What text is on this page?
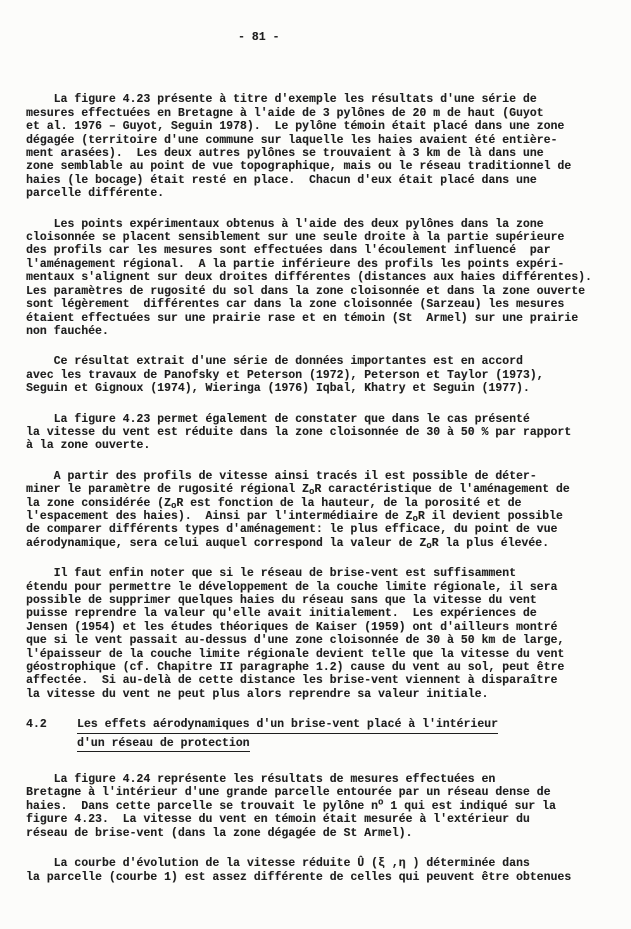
- 81 -
La figure 4.23 présente à titre d'exemple les résultats d'une série de
mesures effectuées en Bretagne à l'aide de 3 pylônes de 20 m de haut (Guyot
et al. 1976 – Guyot, Seguin 1978).  Le pylône témoin était placé dans une zone
dégagée (territoire d'une commune sur laquelle les haies avaient été entière-
ment arasées).  Les deux autres pylônes se trouvaient à 3 km de là dans une
zone semblable au point de vue topographique, mais ou le réseau traditionnel de
haies (le bocage) était resté en place.  Chacun d'eux était placé dans une
parcelle différente.
Les points expérimentaux obtenus à l'aide des deux pylônes dans la zone
cloisonnée se placent sensiblement sur une seule droite à la partie supérieure
des profils car les mesures sont effectuées dans l'écoulement influencé  par
l'aménagement régional.  A la partie inférieure des profils les points expéri-
mentaux s'alignent sur deux droites différentes (distances aux haies différentes).
Les paramètres de rugosité du sol dans la zone cloisonnée et dans la zone ouverte
sont légèrement  différentes car dans la zone cloisonnée (Sarzeau) les mesures
étaient effectuées sur une prairie rase et en témoin (St  Armel) sur une prairie
non fauchée.
Ce résultat extrait d'une série de données importantes est en accord
avec les travaux de Panofsky et Peterson (1972), Peterson et Taylor (1973),
Seguin et Gignoux (1974), Wieringa (1976) Iqbal, Khatry et Seguin (1977).
La figure 4.23 permet également de constater que dans le cas présenté
la vitesse du vent est réduite dans la zone cloisonnée de 30 à 50 % par rapport
à la zone ouverte.
A partir des profils de vitesse ainsi tracés il est possible de déter-
miner le paramètre de rugosité régional $Z_oR$ caractéristique de l'aménagement de
la zone considérée ($Z_oR$ est fonction de la hauteur, de la porosité et de
l'espacement des haies).  Ainsi par l'intermédiaire de $Z_oR$ il devient possible
de comparer différents types d'aménagement: le plus efficace, du point de vue
aérodynamique, sera celui auquel correspond la valeur de $Z_oR$ la plus élevée.
Il faut enfin noter que si le réseau de brise-vent est suffisamment
étendu pour permettre le développement de la couche limite régionale, il sera
possible de supprimer quelques haies du réseau sans que la vitesse du vent
puisse reprendre la valeur qu'elle avait initialement.  Les expériences de
Jensen (1954) et les études théoriques de Kaiser (1959) ont d'ailleurs montré
que si le vent passait au-dessus d'une zone cloisonnée de 30 à 50 km de large,
l'épaisseur de la couche limite régionale devient telle que la vitesse du vent
géostrophique (cf. Chapitre II paragraphe 1.2) cause du vent au sol, peut être
affectée.  Si au-delà de cette distance les brise-vent viennent à disparaître
la vitesse du vent ne peut plus alors reprendre sa valeur initiale.
4.2	Les effets aérodynamiques d'un brise-vent placé à l'intérieur
d'un réseau de protection
La figure 4.24 représente les résultats de mesures effectuées en
Bretagne à l'intérieur d'une grande parcelle entourée par un réseau dense de
haies.  Dans cette parcelle se trouvait le pylône $n^o$ 1 qui est indiqué sur la
figure 4.23.  La vitesse du vent en témoin était mesurée à l'extérieur du
réseau de brise-vent (dans la zone dégagée de St Armel).
La courbe d'évolution de la vitesse réduite Û (ξ ,η ) déterminée dans
la parcelle (courbe 1) est assez différente de celles qui peuvent être obtenues
